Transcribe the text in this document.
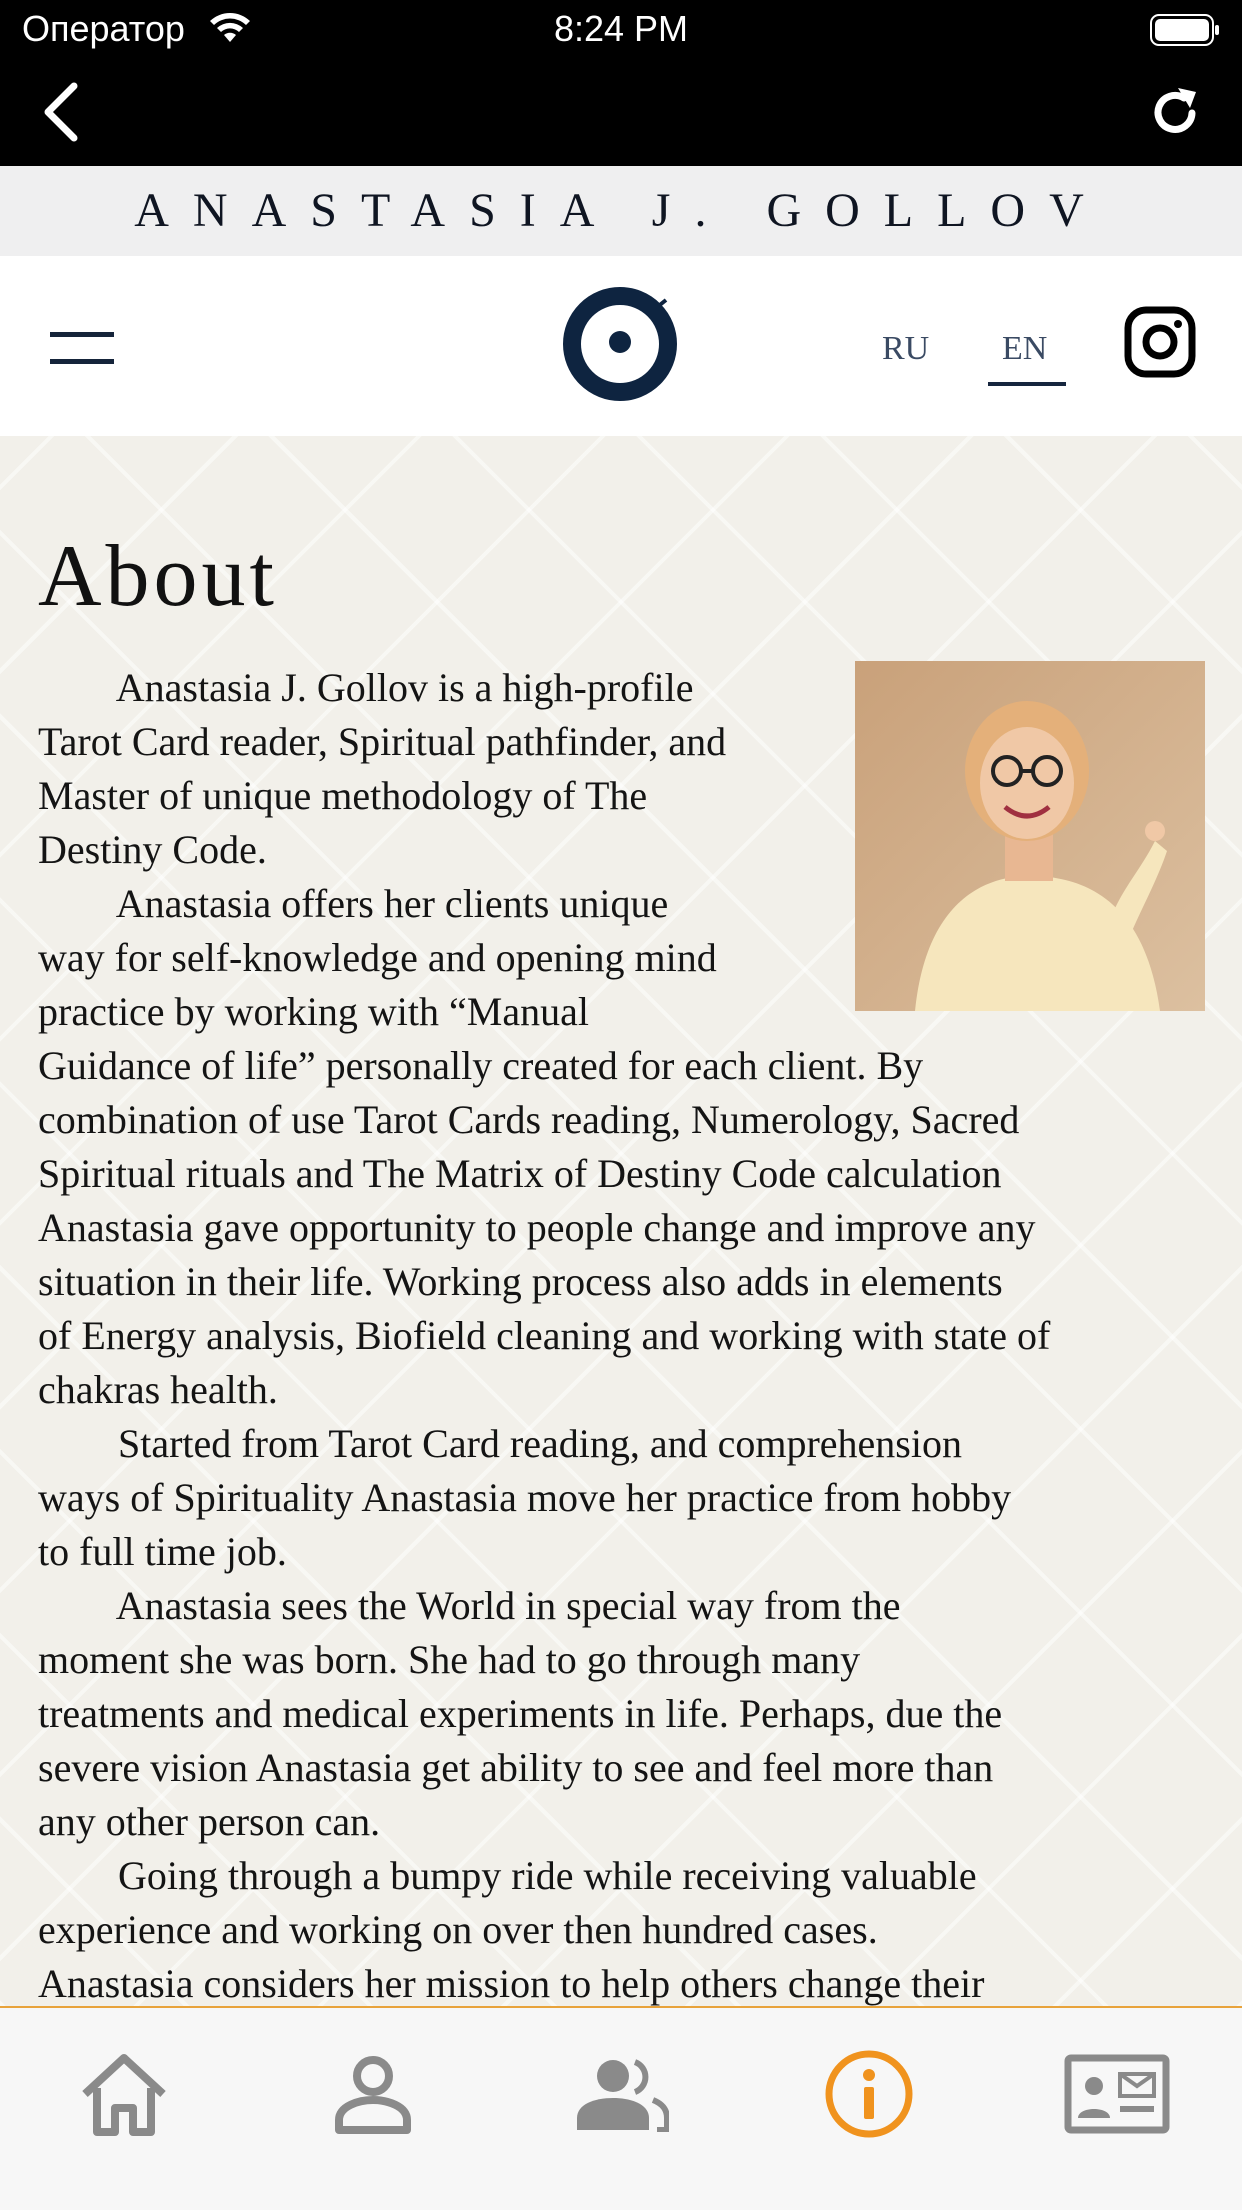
Оператор	8:24 PM
ANASTASIA J. GOLLOV
RU EN
About

Anastasia J. Gollov is a high-profile
Tarot Card reader, Spiritual pathfinder, and
Master of unique methodology of The
Destiny Code.

Anastasia offers her clients unique
way for self-knowledge and opening mind
practice by working with “Manual
Guidance of life” personally created for each client. By
combination of use Tarot Cards reading, Numerology, Sacred
Spiritual rituals and The Matrix of Destiny Code calculation
Anastasia gave opportunity to people change and improve any
situation in their life. Working process also adds in elements
of Energy analysis, Biofield cleaning and working with state of
chakras health.

Started from Tarot Card reading, and comprehension
ways of Spirituality Anastasia move her practice from hobby
to full time job.

Anastasia sees the World in special way from the
moment she was born. She had to go through many
treatments and medical experiments in life. Perhaps, due the
severe vision Anastasia get ability to see and feel more than
any other person can.

Going through a bumpy ride while receiving valuable
experience and working on over then hundred cases.
Anastasia considers her mission to help others change their
